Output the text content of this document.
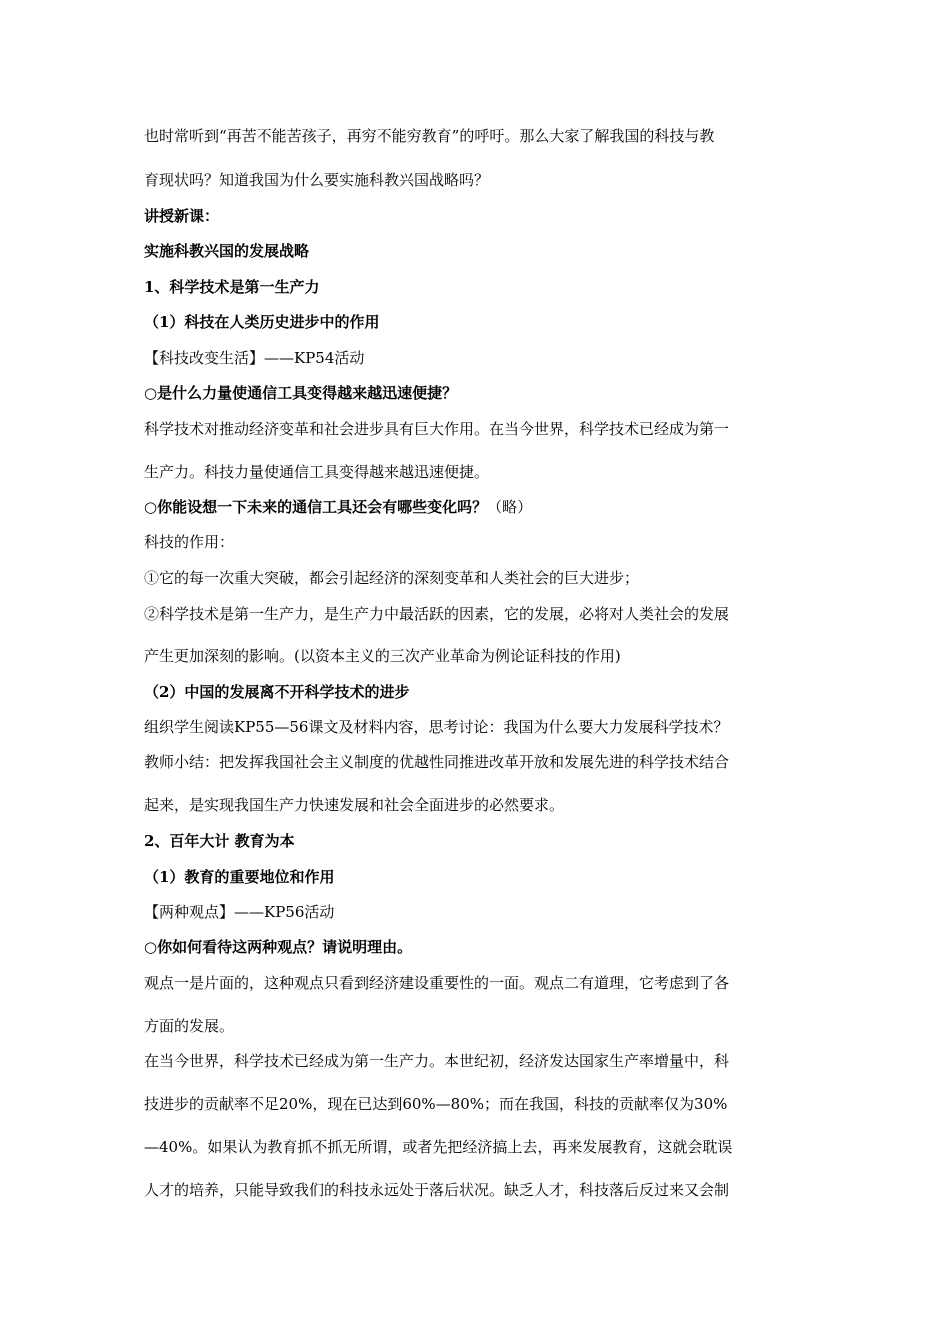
也时常听到“再苦不能苦孩子，再穷不能穷教育”的呼吁。那么大家了解我国的科技与教
育现状吗？知道我国为什么要实施科教兴国战略吗？
讲授新课：
实施科教兴国的发展战略
1、科学技术是第一生产力
（1）科技在人类历史进步中的作用
【科技改变生活】——KP54活动
○是什么力量使通信工具变得越来越迅速便捷？
科学技术对推动经济变革和社会进步具有巨大作用。在当今世界，科学技术已经成为第一
生产力。科技力量使通信工具变得越来越迅速便捷。
○你能设想一下未来的通信工具还会有哪些变化吗？（略）
科技的作用：
①它的每一次重大突破，都会引起经济的深刻变革和人类社会的巨大进步；
②科学技术是第一生产力，是生产力中最活跃的因素，它的发展，必将对人类社会的发展
产生更加深刻的影响。(以资本主义的三次产业革命为例论证科技的作用)
（2）中国的发展离不开科学技术的进步
组织学生阅读KP55—56课文及材料内容，思考讨论：我国为什么要大力发展科学技术？
教师小结：把发挥我国社会主义制度的优越性同推进改革开放和发展先进的科学技术结合
起来，是实现我国生产力快速发展和社会全面进步的必然要求。
2、百年大计 教育为本
（1）教育的重要地位和作用
【两种观点】——KP56活动
○你如何看待这两种观点？请说明理由。
观点一是片面的，这种观点只看到经济建设重要性的一面。观点二有道理，它考虑到了各
方面的发展。
在当今世界，科学技术已经成为第一生产力。本世纪初，经济发达国家生产率增量中，科
技进步的贡献率不足20%，现在已达到60%—80%；而在我国，科技的贡献率仅为30%
—40%。如果认为教育抓不抓无所谓，或者先把经济搞上去，再来发展教育，这就会耽误
人才的培养，只能导致我们的科技永远处于落后状况。缺乏人才，科技落后反过来又会制
